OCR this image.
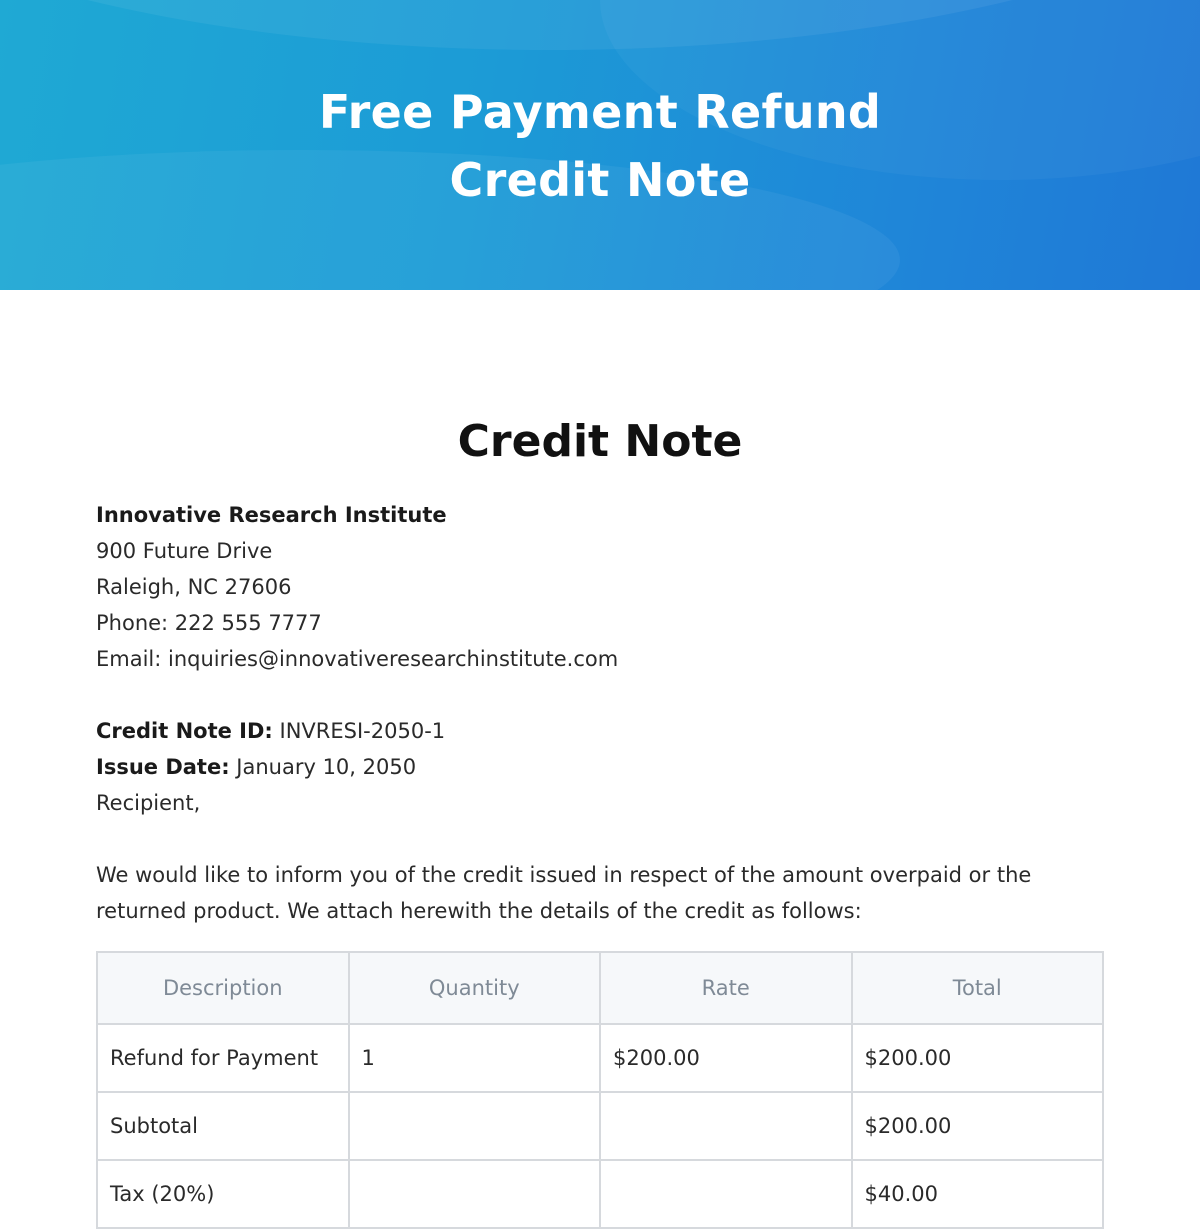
Free Payment Refund
Credit Note
Credit Note
Innovative Research Institute
900 Future Drive
Raleigh, NC 27606
Phone: 222 555 7777
Email: inquiries@innovativeresearchinstitute.com
Credit Note ID: INVRESI-2050-1
Issue Date: January 10, 2050
Recipient,
We would like to inform you of the credit issued in respect of the amount overpaid or the returned product. We attach herewith the details of the credit as follows:
Description	Quantity	Rate	Total
Refund for Payment	1	$200.00	$200.00
Subtotal			$200.00
Tax (20%)			$40.00
